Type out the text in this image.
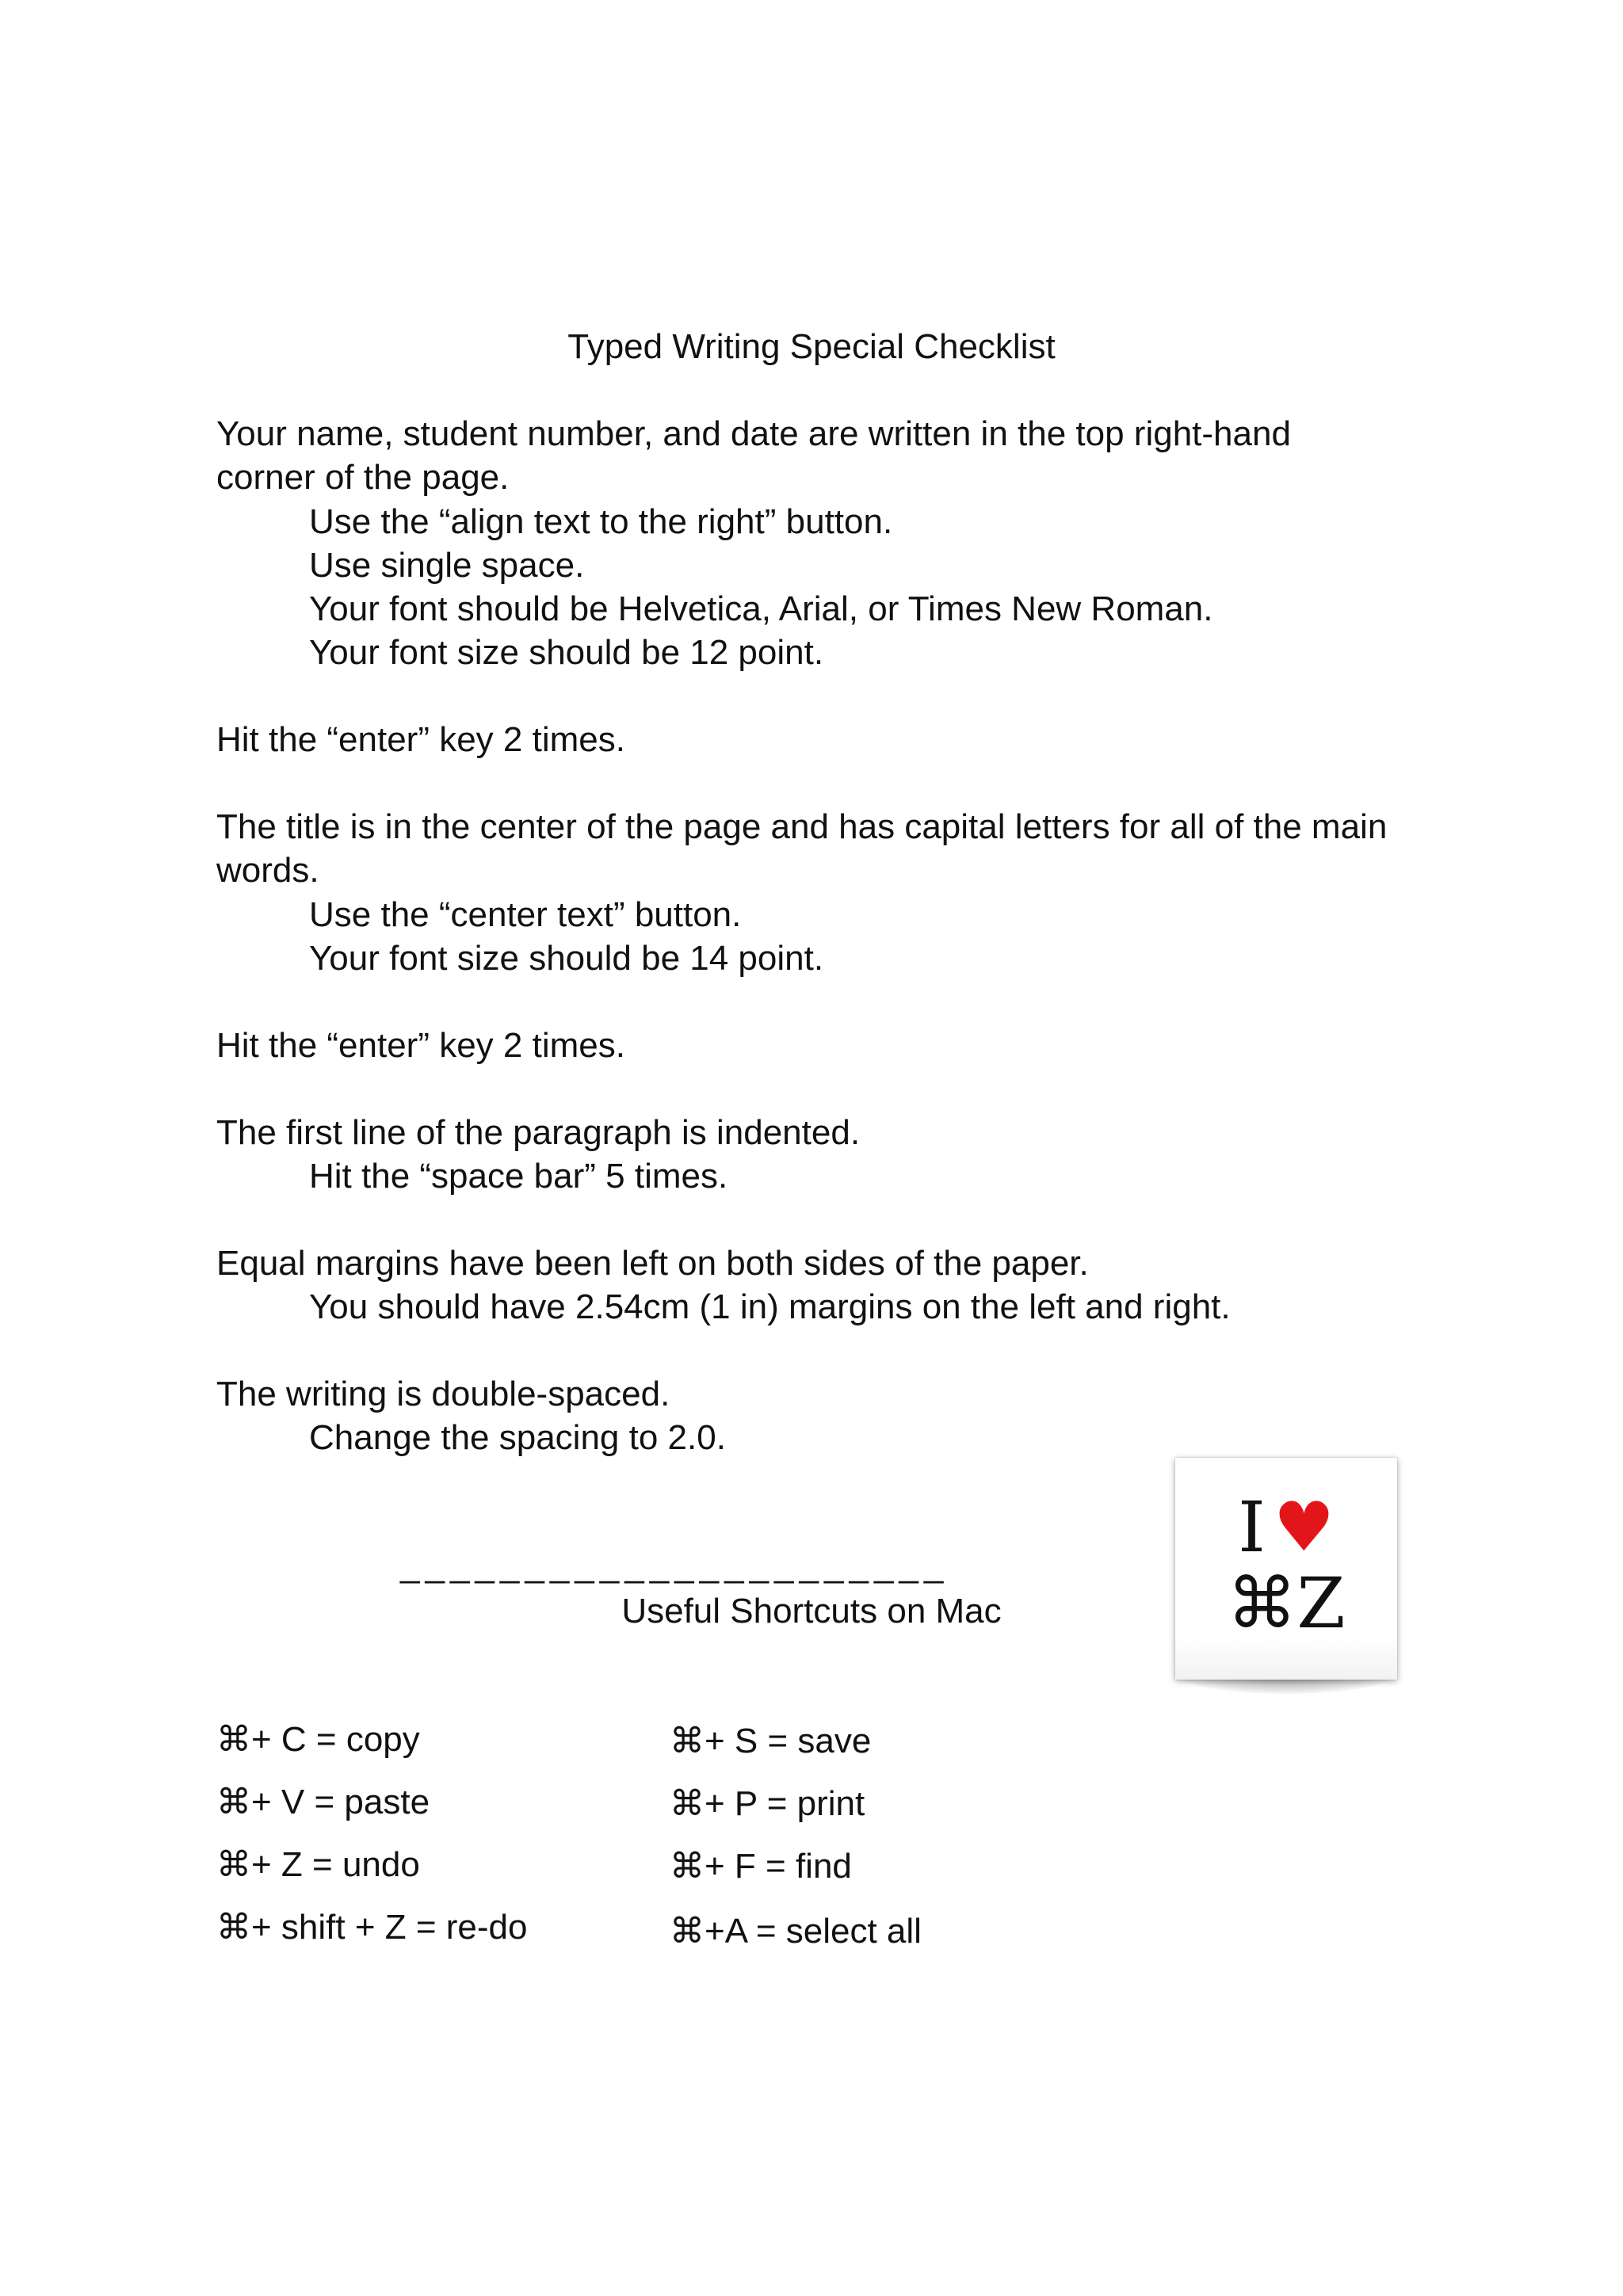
Typed Writing Special Checklist

Your name, student number, and date are written in the top right-hand corner of the page.

Use the “align text to the right” button.

Use single space.

Your font should be Helvetica, Arial, or Times New Roman.

Your font size should be 12 point.

Hit the “enter” key 2 times.

The title is in the center of the page and has capital letters for all of the main words.

Use the “center text” button.

Your font size should be 14 point.

Hit the “enter” key 2 times.

The first line of the paragraph is indented.

Hit the “space bar” 5 times.

Equal margins have been left on both sides of the paper.

You should have 2.54cm (1 in) margins on the left and right.

The writing is double-spaced.

Change the spacing to 2.0.

______________________
Useful Shortcuts on Mac
⌘+ C = copy
⌘+ V = paste
⌘+ Z = undo
⌘+ shift + Z = re-do
⌘+ S = save
⌘+ P = print
⌘+ F = find
⌘+A = select all
I ♥
⌘Z
